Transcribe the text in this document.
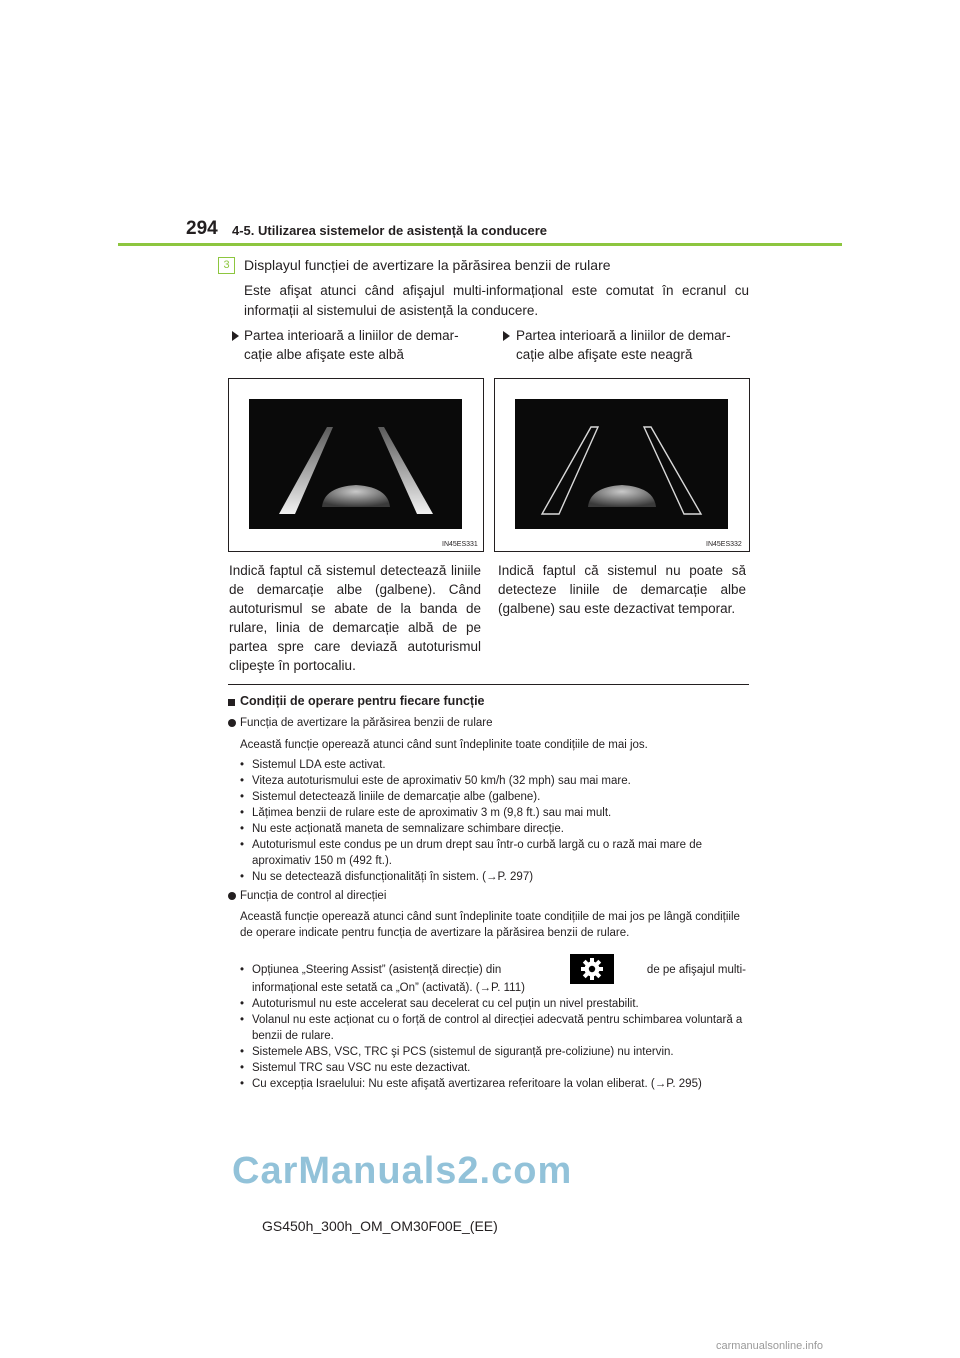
294 4-5. Utilizarea sistemelor de asistență la conducere
3	Displayul funcției de avertizare la părăsirea benzii de rulare
Este afişat atunci când afişajul multi-informațional este comutat în ecranul cu informații al sistemului de asistență la conducere.
Partea interioară a liniilor de demar- cație albe afişate este albă
Partea interioară a liniilor de demar- cație albe afişate este neagră
IN45ES331	IN45ES332
Indică faptul că sistemul detectează liniile de demarcație albe (galbene). Când autoturismul se abate de la banda de rulare, linia de demarcație albă de pe partea spre care deviază autoturismul clipeşte în portocaliu.
Indică faptul că sistemul nu poate să detecteze liniile de demarcație albe (galbene) sau este dezactivat temporar.
Condiții de operare pentru fiecare funcție
Funcția de avertizare la părăsirea benzii de rulare
Această funcție operează atunci când sunt îndeplinite toate condițiile de mai jos.
• Sistemul LDA este activat.
• Viteza autoturismului este de aproximativ 50 km/h (32 mph) sau mai mare.
• Sistemul detectează liniile de demarcație albe (galbene).
• Lățimea benzii de rulare este de aproximativ 3 m (9,8 ft.) sau mai mult.
• Nu este acționată maneta de semnalizare schimbare direcție.
• Autoturismul este condus pe un drum drept sau într-o curbă largă cu o rază mai mare de aproximativ 150 m (492 ft.).
• Nu se detectează disfuncționalități în sistem. (→P. 297)
Funcția de control al direcției
Această funcție operează atunci când sunt îndeplinite toate condițiile de mai jos pe lângă condițiile de operare indicate pentru funcția de avertizare la părăsirea benzii de rulare.
• Opțiunea „Steering Assist” (asistență direcție) din	de pe afişajul multi-
informațional este setată ca „On” (activată). (→P. 111)
• Autoturismul nu este accelerat sau decelerat cu cel puțin un nivel prestabilit.
• Volanul nu este acționat cu o forță de control al direcției adecvată pentru schimbarea voluntară a benzii de rulare.
• Sistemele ABS, VSC, TRC şi PCS (sistemul de siguranță pre-coliziune) nu intervin.
• Sistemul TRC sau VSC nu este dezactivat.
• Cu excepția Israelului: Nu este afişată avertizarea referitoare la volan eliberat. (→P. 295)
CarManuals2.com
GS450h_300h_OM_OM30F00E_(EE)
carmanualsonline.info
